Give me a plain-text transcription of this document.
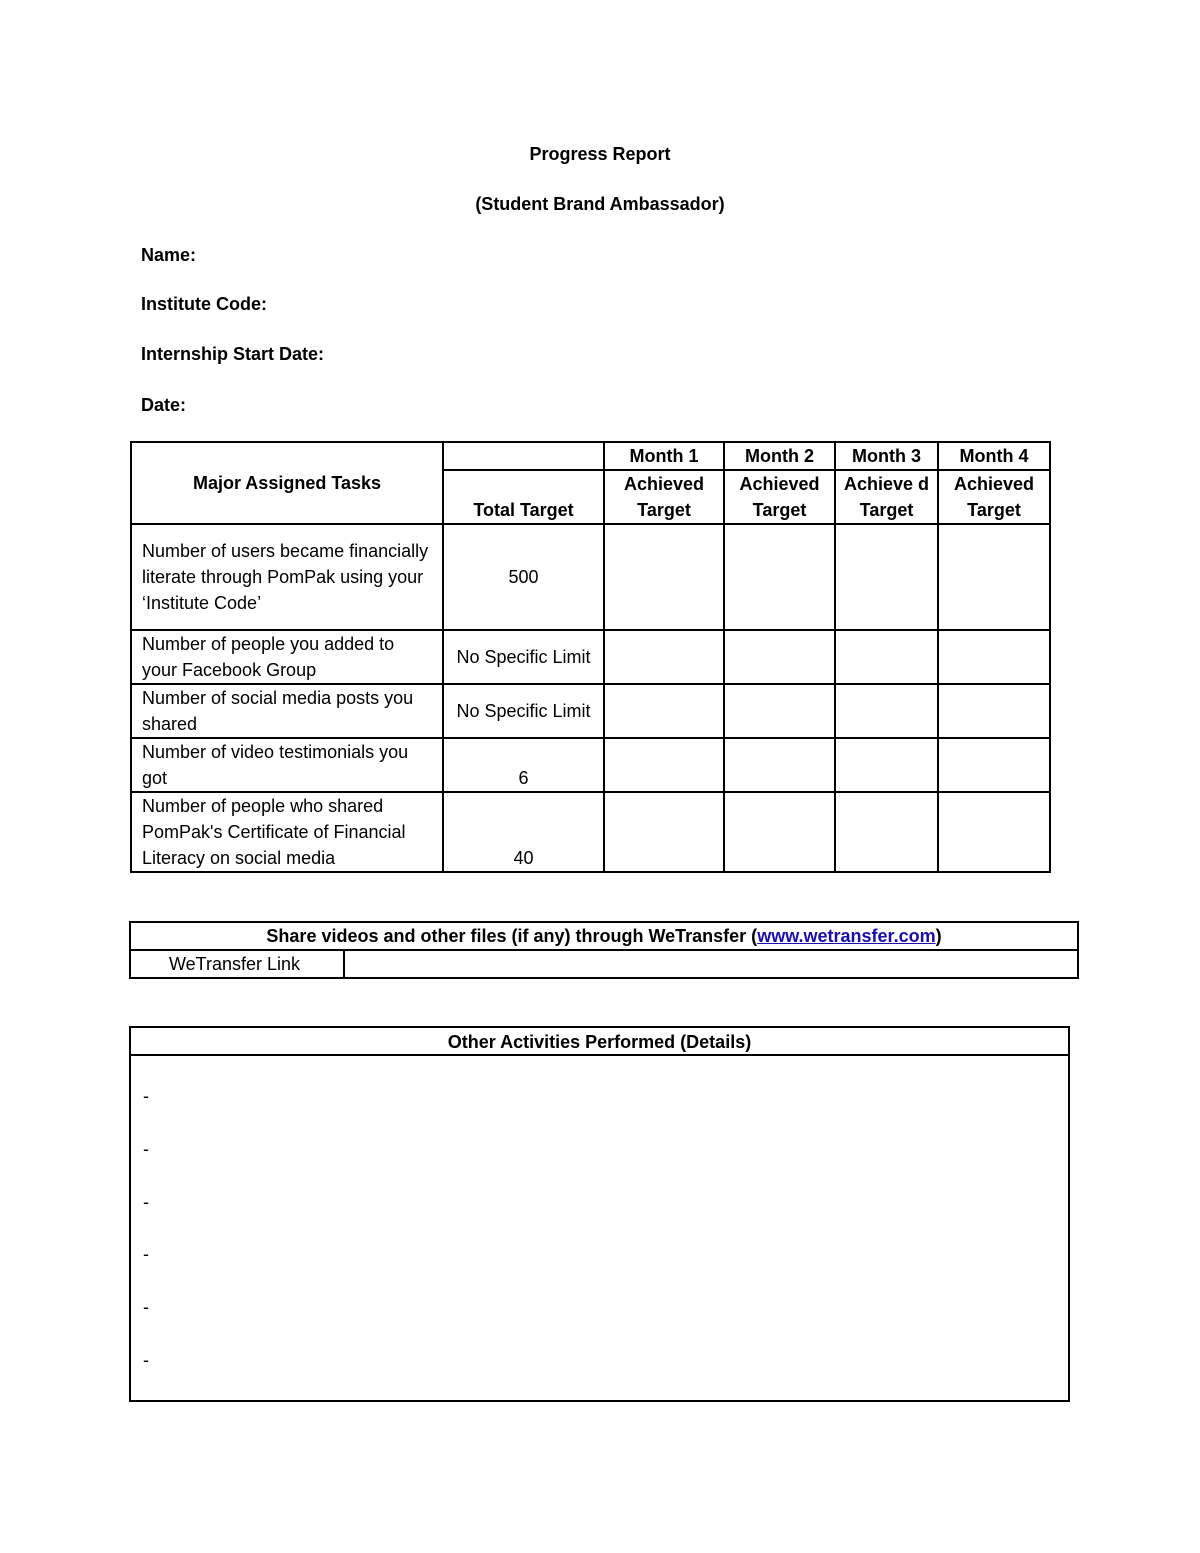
Progress Report
(Student Brand Ambassador)
Name:
Institute Code:
Internship Start Date:
Date:
Major Assigned Tasks		Month 1	Month 2	Month 3	Month 4
	Total Target	Achieved Target	Achieved Target	Achieve d Target	Achieved Target
Number of users became financially literate through PomPak using your ‘Institute Code’	500				
Number of people you added to your Facebook Group	No Specific Limit				
Number of social media posts you shared	No Specific Limit				
Number of video testimonials you got	6				
Number of people who shared PomPak's Certificate of Financial Literacy on social media	40				
Share videos and other files (if any) through WeTransfer (www.wetransfer.com)
WeTransfer Link	
Other Activities Performed (Details)
-
-
-
-
-
-
